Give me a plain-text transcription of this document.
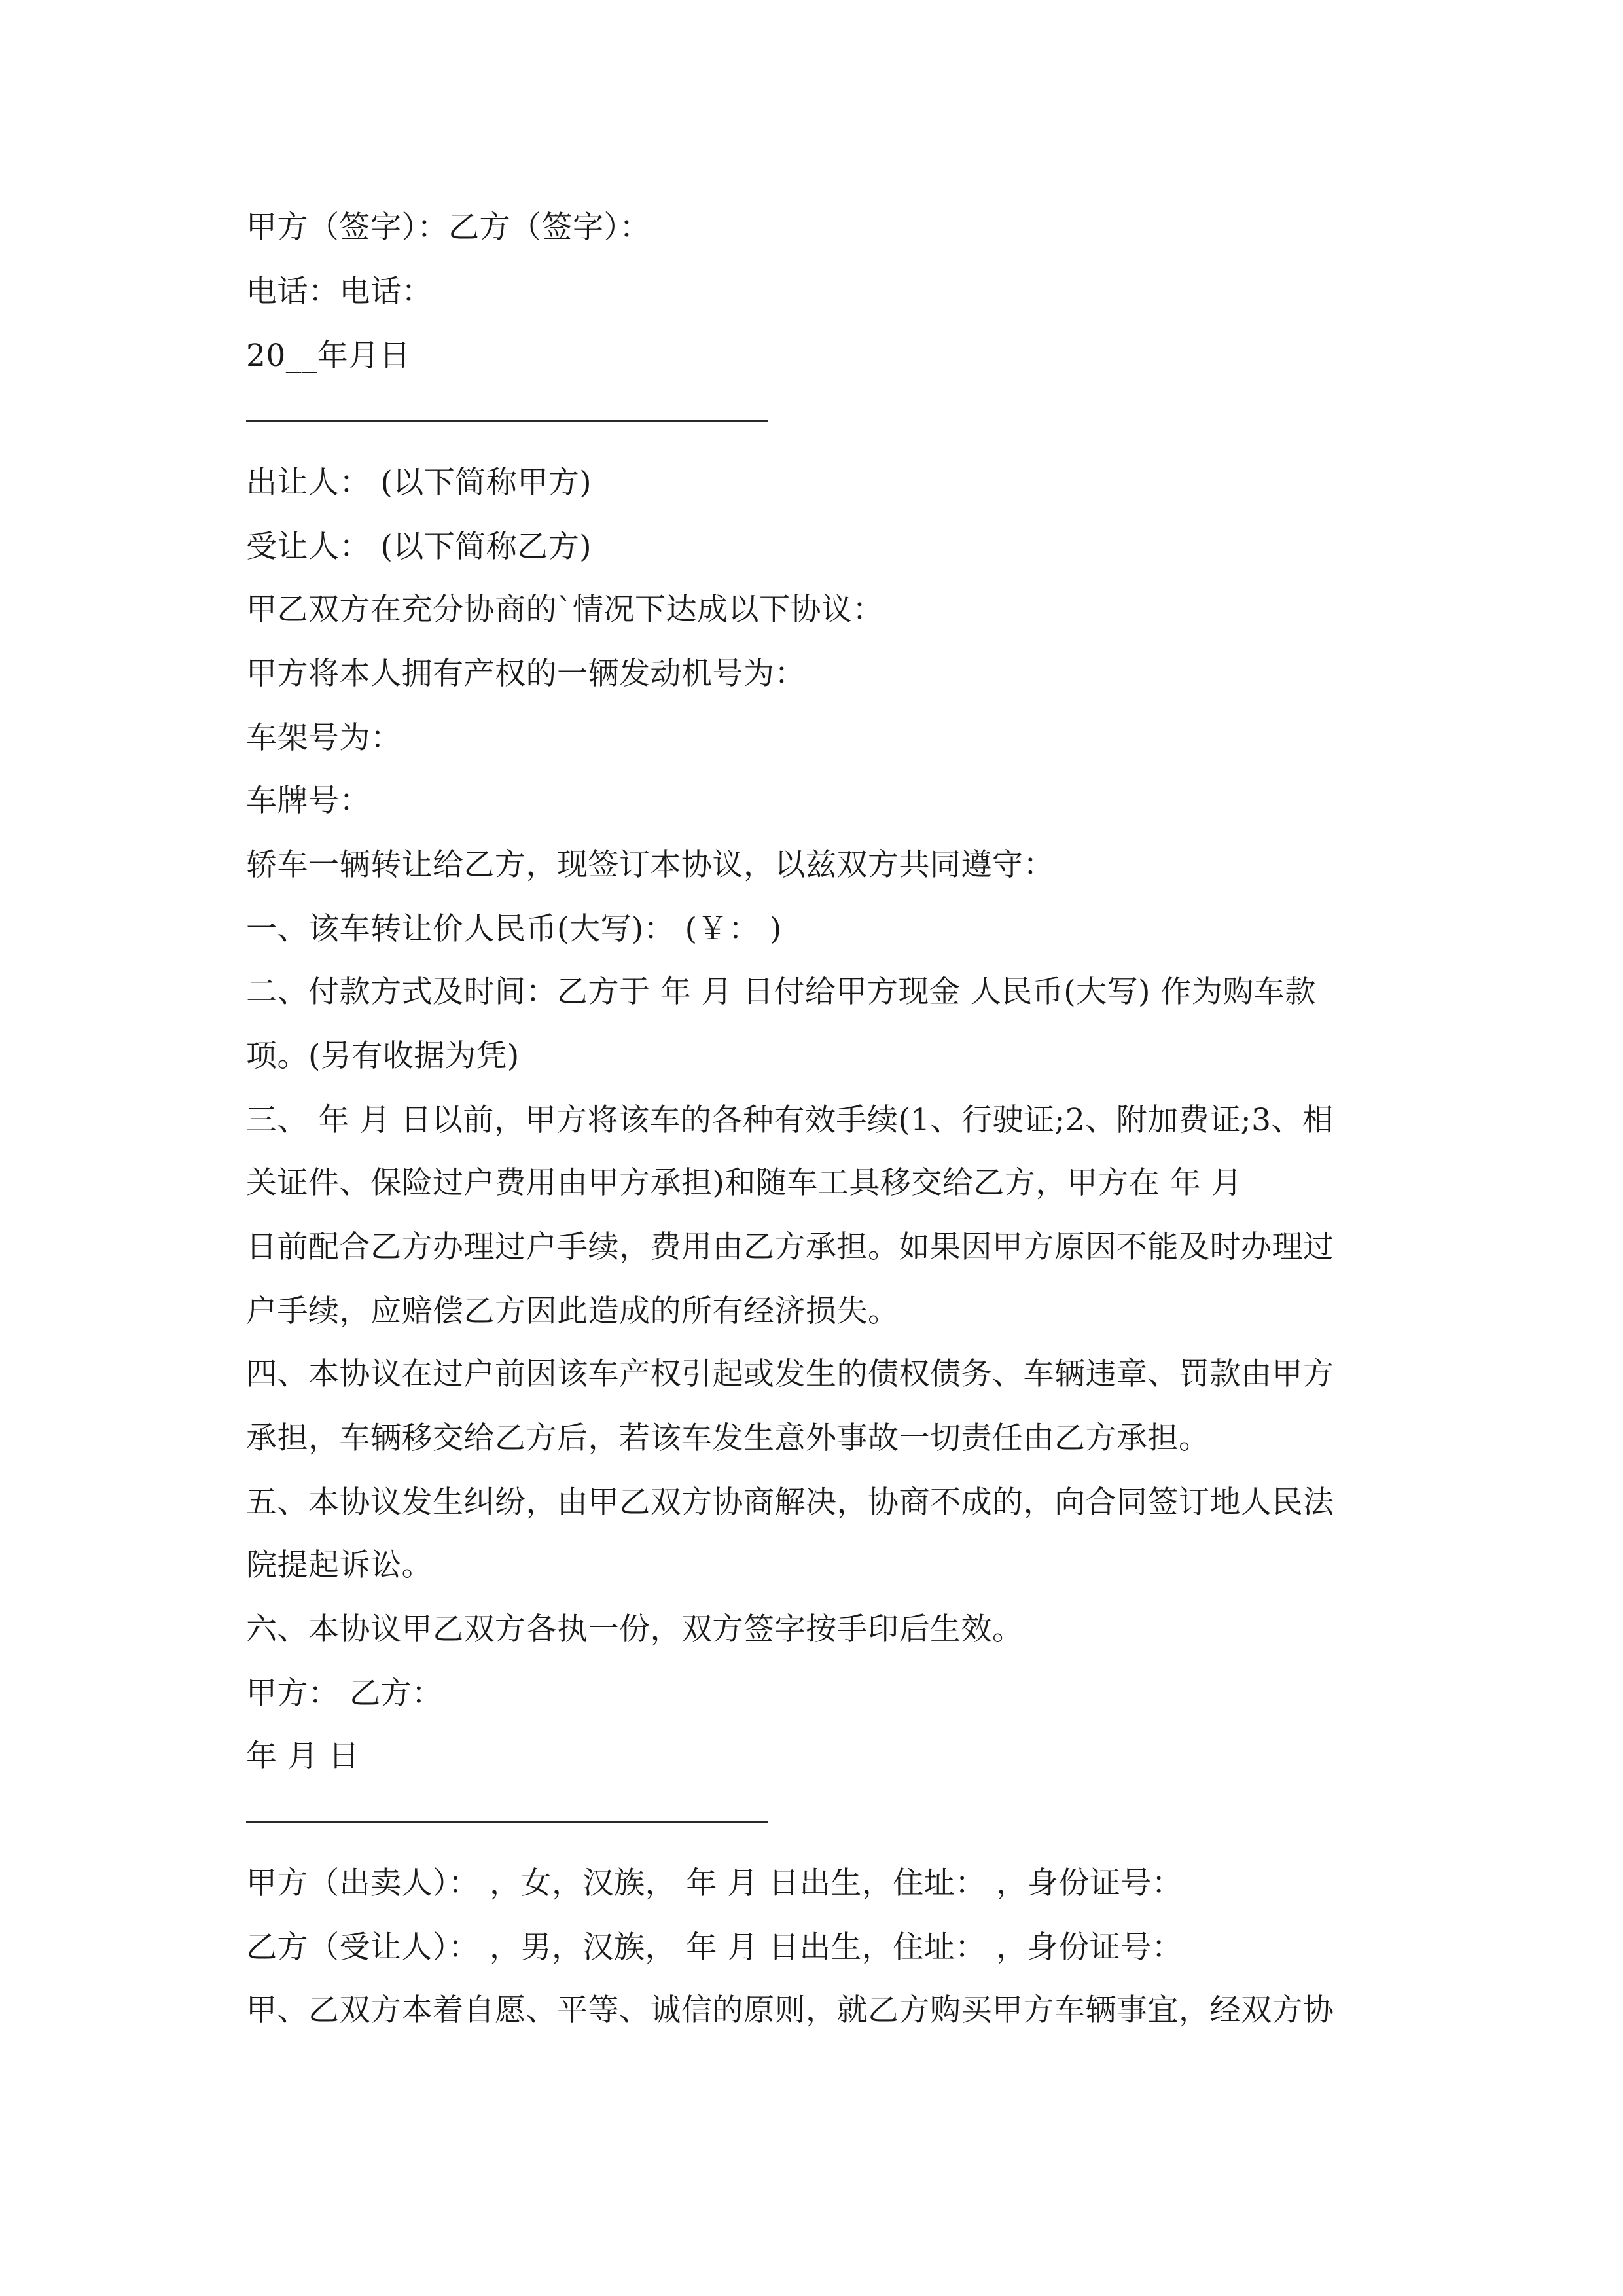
甲方（签字）：乙方（签字）：
电话：电话：
20__年月日
出让人： (以下简称甲方)
受让人： (以下简称乙方)
甲乙双方在充分协商的`情况下达成以下协议：
甲方将本人拥有产权的一辆发动机号为：
车架号为：
车牌号：
轿车一辆转让给乙方，现签订本协议，以兹双方共同遵守：
一、该车转让价人民币(大写)： (￥： )
二、付款方式及时间：乙方于 年 月 日付给甲方现金 人民币(大写) 作为购车款
项。(另有收据为凭)
三、 年 月 日以前，甲方将该车的各种有效手续(1、行驶证;2、附加费证;3、相
关证件、保险过户费用由甲方承担)和随车工具移交给乙方，甲方在 年 月
日前配合乙方办理过户手续，费用由乙方承担。如果因甲方原因不能及时办理过
户手续，应赔偿乙方因此造成的所有经济损失。
四、本协议在过户前因该车产权引起或发生的债权债务、车辆违章、罚款由甲方
承担，车辆移交给乙方后，若该车发生意外事故一切责任由乙方承担。
五、本协议发生纠纷，由甲乙双方协商解决，协商不成的，向合同签订地人民法
院提起诉讼。
六、本协议甲乙双方各执一份，双方签字按手印后生效。
甲方： 乙方：
年 月 日
甲方（出卖人）： ，女，汉族， 年 月 日出生，住址： ，身份证号：
乙方（受让人）： ，男，汉族， 年 月 日出生，住址： ，身份证号：
甲、乙双方本着自愿、平等、诚信的原则，就乙方购买甲方车辆事宜，经双方协
